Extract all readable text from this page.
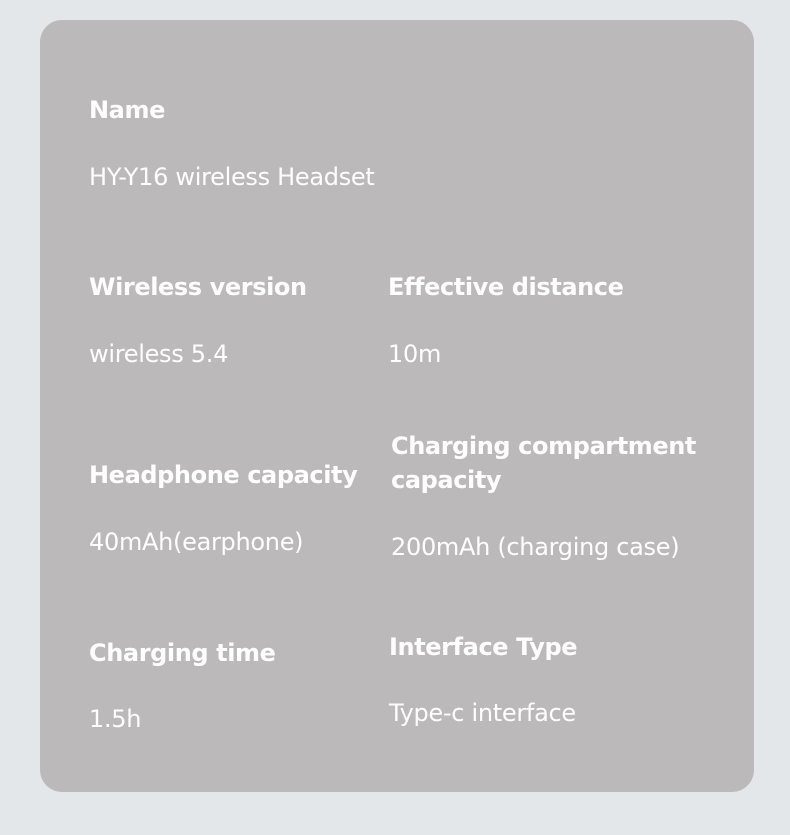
Name
HY-Y16 wireless Headset
Wireless version
wireless 5.4
Effective distance
10m
Headphone capacity
40mAh(earphone)
Charging compartment capacity
200mAh (charging case)
Charging time
1.5h
Interface Type
Type-c interface
